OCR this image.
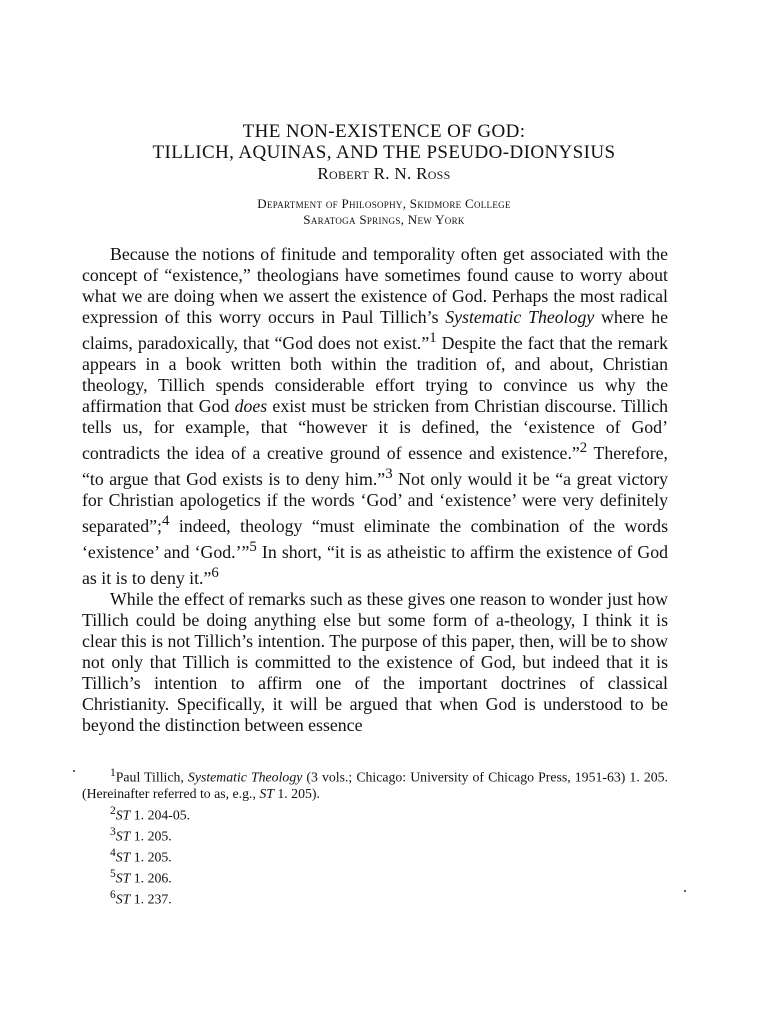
THE NON-EXISTENCE OF GOD:
TILLICH, AQUINAS, AND THE PSEUDO-DIONYSIUS
Robert R. N. Ross
Department of Philosophy, Skidmore College
Saratoga Springs, New York

Because the notions of finitude and temporality often get associated with the concept of “existence,” theologians have sometimes found cause to worry about what we are doing when we assert the existence of God. Perhaps the most radical expression of this worry occurs in Paul Tillich’s Systematic Theology where he claims, paradoxically, that “God does not exist.”$^1$ Despite the fact that the remark appears in a book written both within the tradition of, and about, Christian theology, Tillich spends considerable effort trying to convince us why the affirmation that God does exist must be stricken from Christian discourse. Tillich tells us, for example, that “however it is defined, the ‘existence of God’ contradicts the idea of a creative ground of essence and existence.”$^2$ Therefore, “to argue that God exists is to deny him.”$^3$ Not only would it be “a great victory for Christian apologetics if the words ‘God’ and ‘existence’ were very definitely separated”;$^4$ indeed, theology “must eliminate the combination of the words ‘existence’ and ‘God.’”$^5$ In short, “it is as atheistic to affirm the existence of God as it is to deny it.”$^6$

While the effect of remarks such as these gives one reason to wonder just how Tillich could be doing anything else but some form of a-theology, I think it is clear this is not Tillich’s intention. The purpose of this paper, then, will be to show not only that Tillich is committed to the existence of God, but indeed that it is Tillich’s intention to affirm one of the important doctrines of classical Christianity. Specifically, it will be argued that when God is understood to be beyond the distinction between essence

$^1$Paul Tillich, Systematic Theology (3 vols.; Chicago: University of Chicago Press, 1951-63) 1. 205. (Hereinafter referred to as, e.g., ST 1. 205).

$^2$ST 1. 204-05.
$^3$ST 1. 205.
$^4$ST 1. 205.
$^5$ST 1. 206.
$^6$ST 1. 237.
